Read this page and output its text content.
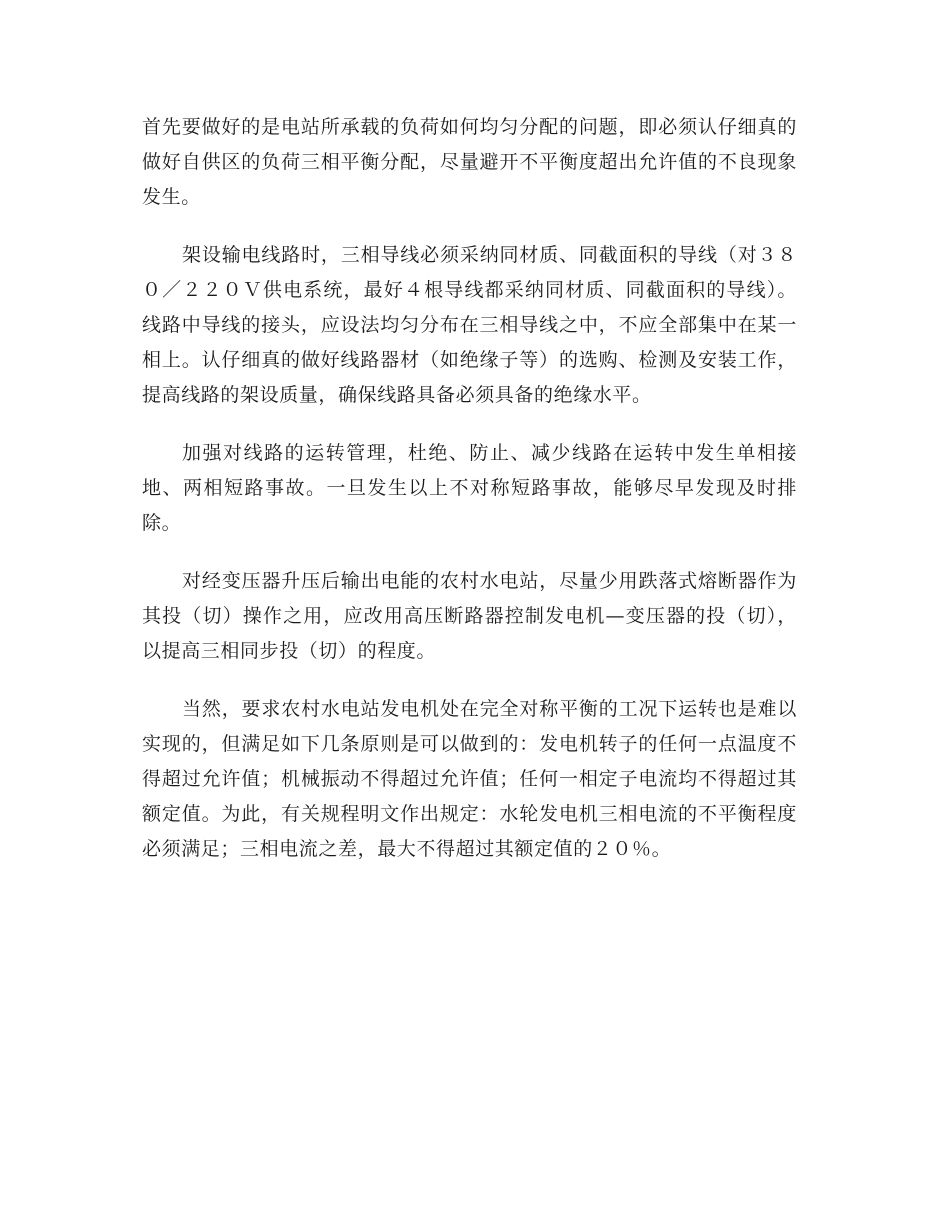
首先要做好的是电站所承载的负荷如何均匀分配的问题，即必须认仔细真的做好自供区的负荷三相平衡分配，尽量避开不平衡度超出允许值的不良现象发生。

架设输电线路时，三相导线必须采纳同材质、同截面积的导线（对３８０／２２０Ｖ供电系统，最好４根导线都采纳同材质、同截面积的导线）。线路中导线的接头，应设法均匀分布在三相导线之中，不应全部集中在某一相上。认仔细真的做好线路器材（如绝缘子等）的选购、检测及安装工作，提高线路的架设质量，确保线路具备必须具备的绝缘水平。

加强对线路的运转管理，杜绝、防止、减少线路在运转中发生单相接地、两相短路事故。一旦发生以上不对称短路事故，能够尽早发现及时排除。

对经变压器升压后输出电能的农村水电站，尽量少用跌落式熔断器作为其投（切）操作之用，应改用高压断路器控制发电机—变压器的投（切），以提高三相同步投（切）的程度。

当然，要求农村水电站发电机处在完全对称平衡的工况下运转也是难以实现的，但满足如下几条原则是可以做到的：发电机转子的任何一点温度不得超过允许值；机械振动不得超过允许值；任何一相定子电流均不得超过其额定值。为此，有关规程明文作出规定：水轮发电机三相电流的不平衡程度必须满足；三相电流之差，最大不得超过其额定值的２０％。
